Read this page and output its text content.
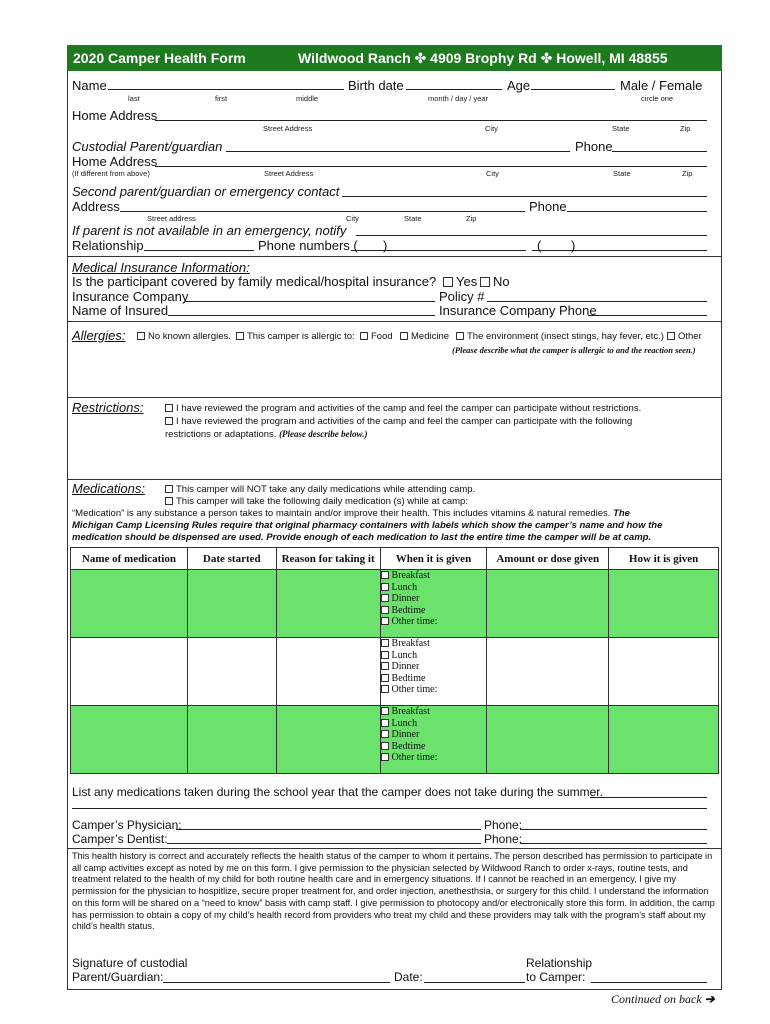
2020 Camper Health Form	Wildwood Ranch ✤ 4909 Brophy Rd ✤ Howell, MI 48855
Name	Birth date	Age	Male / Female
last	first	middle	month / day / year	circle one
Home Address
Street Address	City	State	Zip
Custodial Parent/guardian	Phone
Home Address
(If different from above)	Street Address	City	State	Zip
Second parent/guardian or emergency contact
Address	Phone
Street address	City	State	Zip
If parent is not available in an emergency, notify
Relationship	Phone numbers ( )	( )
Medical Insurance Information:
Is the participant covered by family medical/hospital insurance?	Yes	No
Insurance Company	Policy #
Name of Insured	Insurance Company Phone
Allergies:	No known allergies.	This camper is allergic to:	Food	Medicine	The environment (insect stings, hay fever, etc.)	Other
(Please describe what the camper is allergic to and the reaction seen.)
Restrictions:	I have reviewed the program and activities of the camp and feel the camper can participate without restrictions.
I have reviewed the program and activities of the camp and feel the camper can participate with the following
restrictions or adaptations. (Please describe below.)
Medications:	This camper will NOT take any daily medications while attending camp.
This camper will take the following daily medication (s) while at camp:
“Medication” is any substance a person takes to maintain and/or improve their health. This includes vitamins & natural remedies. The
Michigan Camp Licensing Rules require that original pharmacy containers with labels which show the camper’s name and how the
medication should be dispensed are used. Provide enough of each medication to last the entire time the camper will be at camp.
Name of medication	Date started	Reason for taking it	When it is given	Amount or dose given	How it is given

			Breakfast
Lunch
Dinner
Bedtime
Other time:		

			Breakfast
Lunch
Dinner
Bedtime
Other time:		

			Breakfast
Lunch
Dinner
Bedtime
Other time:		

List any medications taken during the school year that the camper does not take during the summer.
Camper’s Physician:	Phone:
Camper’s Dentist:	Phone:
This health history is correct and accurately reflects the health status of the camper to whom it pertains. The person described has permission to participate in all camp activities except as noted by me on this form. I give permission to the physician selected by Wildwood Ranch to order x-rays, routine tests, and treatment related to the health of my child for both routine health care and in emergency situations. If I cannot be reached in an emergency, I give my permission for the physician to hospitlize, secure proper treatment for, and order injection, anethesthsia, or surgery for this child. I understand the information on this form will be shared on a “need to know” basis with camp staff. I give permission to photocopy and/or electronically store this form. In addition, the camp has permission to obtain a copy of my child’s health record from providers who treat my child and these providers may talk with the program’s staff about my child’s health status.
Signature of custodial
Parent/Guardian:	Date:
Relationship
to Camper:
Continued on back ➔
